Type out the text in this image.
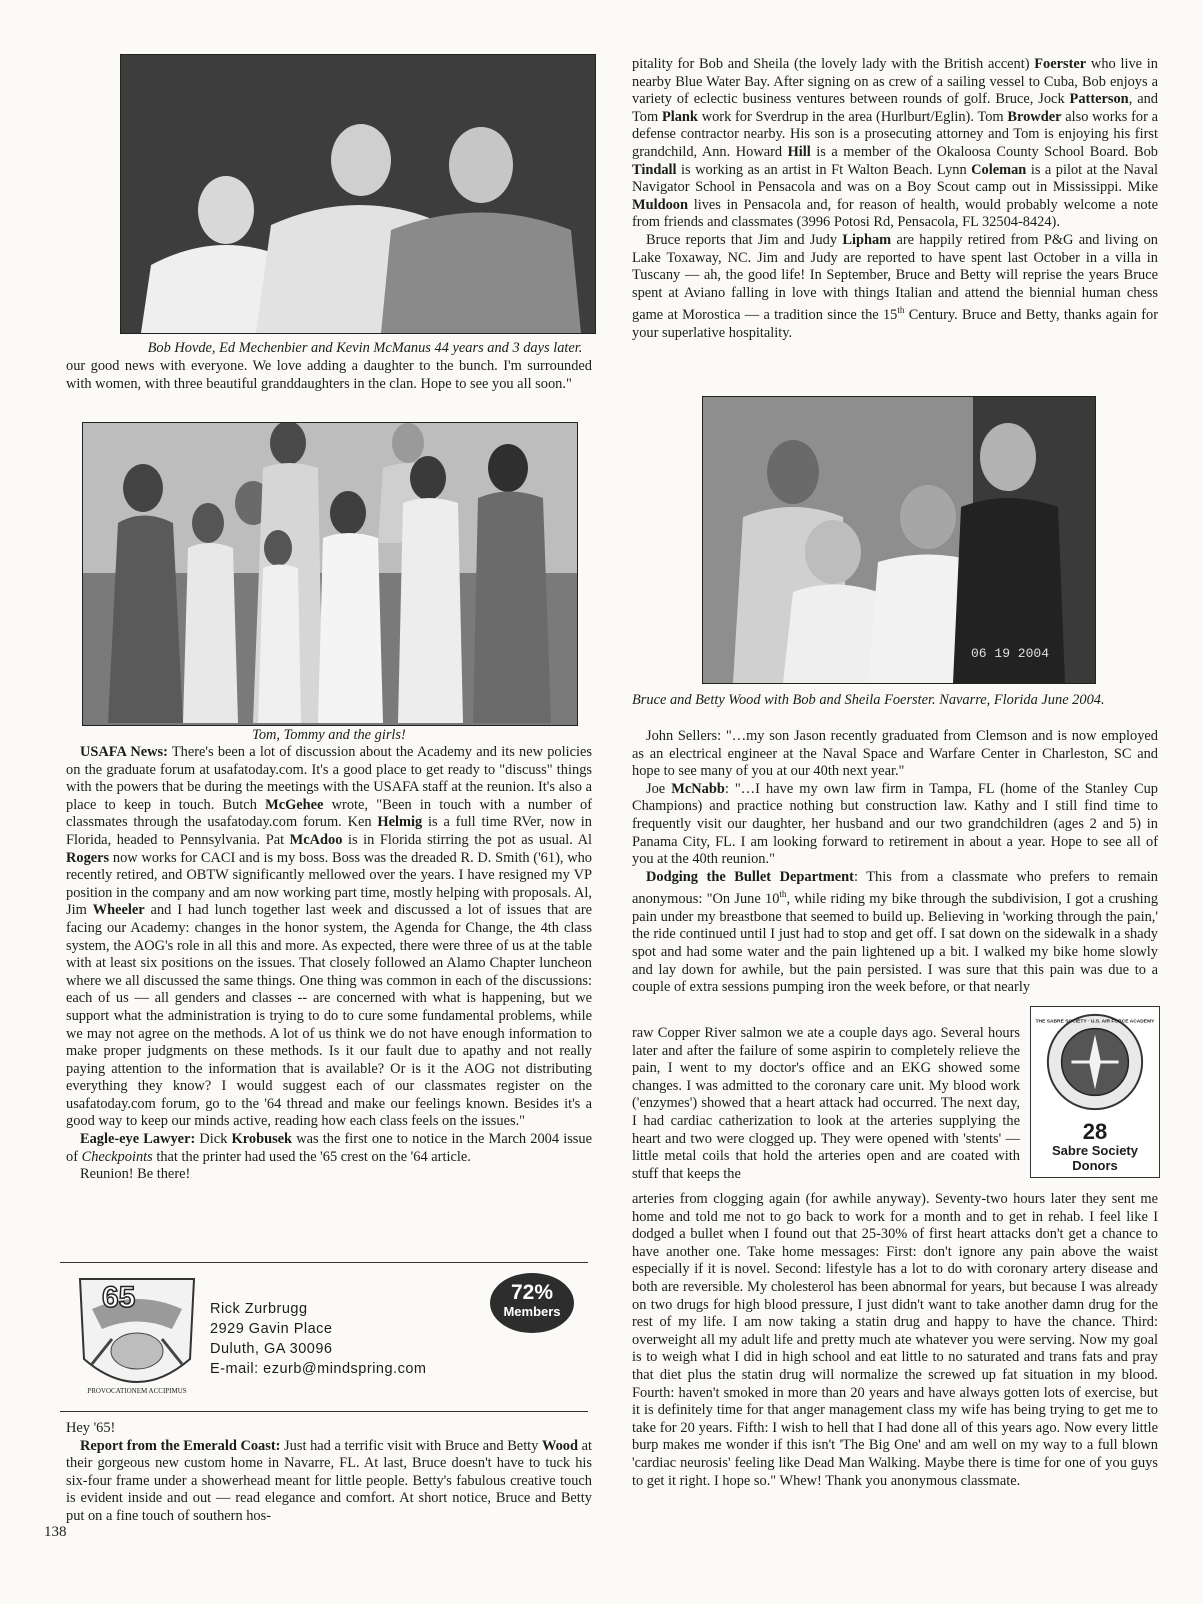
Bob Hovde, Ed Mechenbier and Kevin McManus 44 years and 3 days later.

our good news with everyone. We love adding a daughter to the bunch. I'm surrounded with women, with three beautiful granddaughters in the clan. Hope to see you all soon."

Tom, Tommy and the girls!

USAFA News: There's been a lot of discussion about the Academy and its new policies on the graduate forum at usafatoday.com. It's a good place to get ready to "discuss" things with the powers that be during the meetings with the USAFA staff at the reunion. It's also a place to keep in touch. Butch McGehee wrote, "Been in touch with a number of classmates through the usafatoday.com forum. Ken Helmig is a full time RVer, now in Florida, headed to Pennsylvania. Pat McAdoo is in Florida stirring the pot as usual. Al Rogers now works for CACI and is my boss. Boss was the dreaded R. D. Smith ('61), who recently retired, and OBTW significantly mellowed over the years. I have resigned my VP position in the company and am now working part time, mostly helping with proposals. Al, Jim Wheeler and I had lunch together last week and discussed a lot of issues that are facing our Academy: changes in the honor system, the Agenda for Change, the 4th class system, the AOG's role in all this and more. As expected, there were three of us at the table with at least six positions on the issues. That closely followed an Alamo Chapter luncheon where we all discussed the same things. One thing was common in each of the discussions: each of us — all genders and classes -- are concerned with what is happening, but we support what the administration is trying to do to cure some fundamental problems, while we may not agree on the methods. A lot of us think we do not have enough information to make proper judgments on these methods. Is it our fault due to apathy and not really paying attention to the information that is available? Or is it the AOG not distributing everything they know? I would suggest each of our classmates register on the usafatoday.com forum, go to the '64 thread and make our feelings known. Besides it's a good way to keep our minds active, reading how each class feels on the issues."

Eagle-eye Lawyer: Dick Krobusek was the first one to notice in the March 2004 issue of Checkpoints that the printer had used the '65 crest on the '64 article.

Reunion! Be there!

65
PROVOCATIONEM ACCIPIMUS
Rick Zurbrugg
2929 Gavin Place
Duluth, GA 30096
E-mail: ezurb@mindspring.com
72%
Members

Hey '65!

Report from the Emerald Coast: Just had a terrific visit with Bruce and Betty Wood at their gorgeous new custom home in Navarre, FL. At last, Bruce doesn't have to tuck his six-four frame under a showerhead meant for little people. Betty's fabulous creative touch is evident inside and out — read elegance and comfort. At short notice, Bruce and Betty put on a fine touch of southern hos-

pitality for Bob and Sheila (the lovely lady with the British accent) Foerster who live in nearby Blue Water Bay. After signing on as crew of a sailing vessel to Cuba, Bob enjoys a variety of eclectic business ventures between rounds of golf. Bruce, Jock Patterson, and Tom Plank work for Sverdrup in the area (Hurlburt/Eglin). Tom Browder also works for a defense contractor nearby. His son is a prosecuting attorney and Tom is enjoying his first grandchild, Ann. Howard Hill is a member of the Okaloosa County School Board. Bob Tindall is working as an artist in Ft Walton Beach. Lynn Coleman is a pilot at the Naval Navigator School in Pensacola and was on a Boy Scout camp out in Mississippi. Mike Muldoon lives in Pensacola and, for reason of health, would probably welcome a note from friends and classmates (3996 Potosi Rd, Pensacola, FL 32504-8424).

Bruce reports that Jim and Judy Lipham are happily retired from P&G and living on Lake Toxaway, NC. Jim and Judy are reported to have spent last October in a villa in Tuscany — ah, the good life! In September, Bruce and Betty will reprise the years Bruce spent at Aviano falling in love with things Italian and attend the biennial human chess game at Morostica — a tradition since the 15th Century. Bruce and Betty, thanks again for your superlative hospitality.

06 19 2004
Bruce and Betty Wood with Bob and Sheila Foerster. Navarre, Florida June 2004.

John Sellers: "…my son Jason recently graduated from Clemson and is now employed as an electrical engineer at the Naval Space and Warfare Center in Charleston, SC and hope to see many of you at our 40th next year."

Joe McNabb: "…I have my own law firm in Tampa, FL (home of the Stanley Cup Champions) and practice nothing but construction law. Kathy and I still find time to frequently visit our daughter, her husband and our two grandchildren (ages 2 and 5) in Panama City, FL. I am looking forward to retirement in about a year. Hope to see all of you at the 40th reunion."

Dodging the Bullet Department: This from a classmate who prefers to remain anonymous: "On June 10th, while riding my bike through the subdivision, I got a crushing pain under my breastbone that seemed to build up. Believing in 'working through the pain,' the ride continued until I just had to stop and get off. I sat down on the sidewalk in a shady spot and had some water and the pain lightened up a bit. I walked my bike home slowly and lay down for awhile, but the pain persisted. I was sure that this pain was due to a couple of extra sessions pumping iron the week before, or that nearly

raw Copper River salmon we ate a couple days ago. Several hours later and after the failure of some aspirin to completely relieve the pain, I went to my doctor's office and an EKG showed some changes. I was admitted to the coronary care unit. My blood work ('enzymes') showed that a heart attack had occurred. The next day, I had cardiac catherization to look at the arteries supplying the heart and two were clogged up. They were opened with 'stents' — little metal coils that hold the arteries open and are coated with stuff that keeps the

THE SABRE SOCIETY · U.S. AIR FORCE ACADEMY
28
Sabre Society Donors

arteries from clogging again (for awhile anyway). Seventy-two hours later they sent me home and told me not to go back to work for a month and to get in rehab. I feel like I dodged a bullet when I found out that 25-30% of first heart attacks don't get a chance to have another one. Take home messages: First: don't ignore any pain above the waist especially if it is novel. Second: lifestyle has a lot to do with coronary artery disease and both are reversible. My cholesterol has been abnormal for years, but because I was already on two drugs for high blood pressure, I just didn't want to take another damn drug for the rest of my life. I am now taking a statin drug and happy to have the chance. Third: overweight all my adult life and pretty much ate whatever you were serving. Now my goal is to weigh what I did in high school and eat little to no saturated and trans fats and pray that diet plus the statin drug will normalize the screwed up fat situation in my blood. Fourth: haven't smoked in more than 20 years and have always gotten lots of exercise, but it is definitely time for that anger management class my wife has being trying to get me to take for 20 years. Fifth: I wish to hell that I had done all of this years ago. Now every little burp makes me wonder if this isn't 'The Big One' and am well on my way to a full blown 'cardiac neurosis' feeling like Dead Man Walking. Maybe there is time for one of you guys to get it right. I hope so." Whew! Thank you anonymous classmate.

138
